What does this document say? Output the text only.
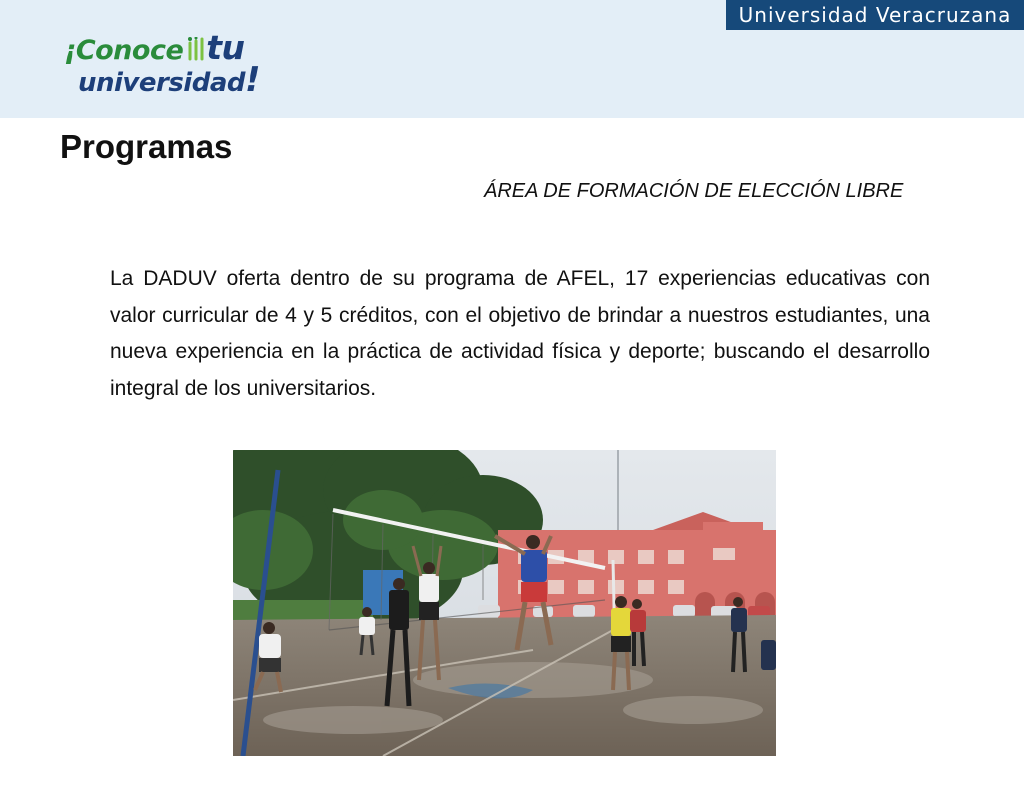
Universidad Veracruzana
¡Conoce tu
universidad!
Programas
ÁREA DE FORMACIÓN DE ELECCIÓN LIBRE

La DADUV oferta dentro de su programa de AFEL, 17 experiencias educativas con valor curricular de 4 y 5 créditos, con el objetivo de brindar a nuestros estudiantes, una nueva experiencia en la práctica de actividad física y deporte; buscando el desarrollo integral de los universitarios.
